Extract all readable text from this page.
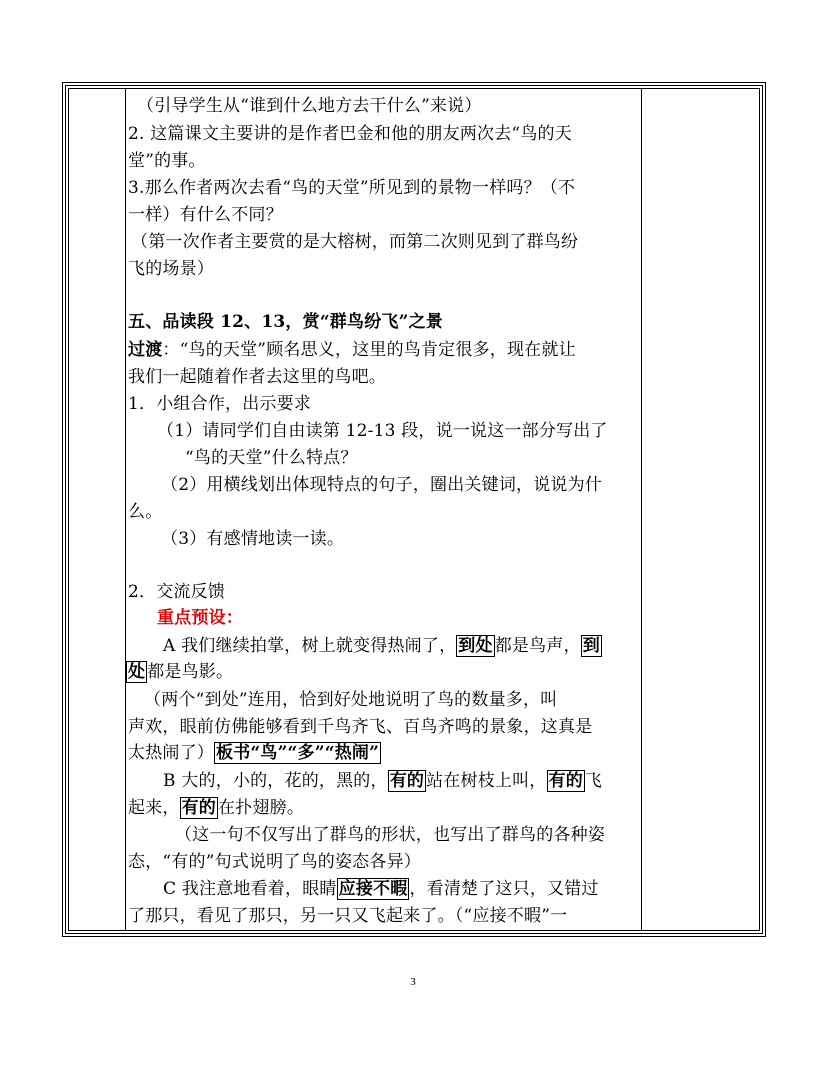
（引导学生从“谁到什么地方去干什么”来说）
2. 这篇课文主要讲的是作者巴金和他的朋友两次去“鸟的天
堂”的事。
3.那么作者两次去看“鸟的天堂”所见到的景物一样吗？（不
一样）有什么不同？
（第一次作者主要赏的是大榕树，而第二次则见到了群鸟纷
飞的场景）
五、品读段 12、13，赏“群鸟纷飞”之景
过渡：“鸟的天堂”顾名思义，这里的鸟肯定很多，现在就让
我们一起随着作者去这里的鸟吧。
1．小组合作，出示要求
（1）请同学们自由读第 12-13 段，说一说这一部分写出了
“鸟的天堂”什么特点？
（2）用横线划出体现特点的句子，圈出关键词，说说为什
么。
（3）有感情地读一读。
2．交流反馈
重点预设：
A 我们继续拍掌，树上就变得热闹了， 到处 都是鸟声， 到
处 都是鸟影。
（两个“到处”连用，恰到好处地说明了鸟的数量多，叫
声欢，眼前仿佛能够看到千鸟齐飞、百鸟齐鸣的景象，这真是
太热闹了） 板书“鸟”“多”“热闹”
B 大的，小的，花的，黑的， 有的 站在树枝上叫， 有的 飞
起来， 有的 在扑翅膀。
（这一句不仅写出了群鸟的形状，也写出了群鸟的各种姿
态，“有的”句式说明了鸟的姿态各异）
C 我注意地看着，眼睛 应接不暇 ，看清楚了这只，又错过
了那只，看见了那只，另一只又飞起来了。（“应接不暇”一
3
